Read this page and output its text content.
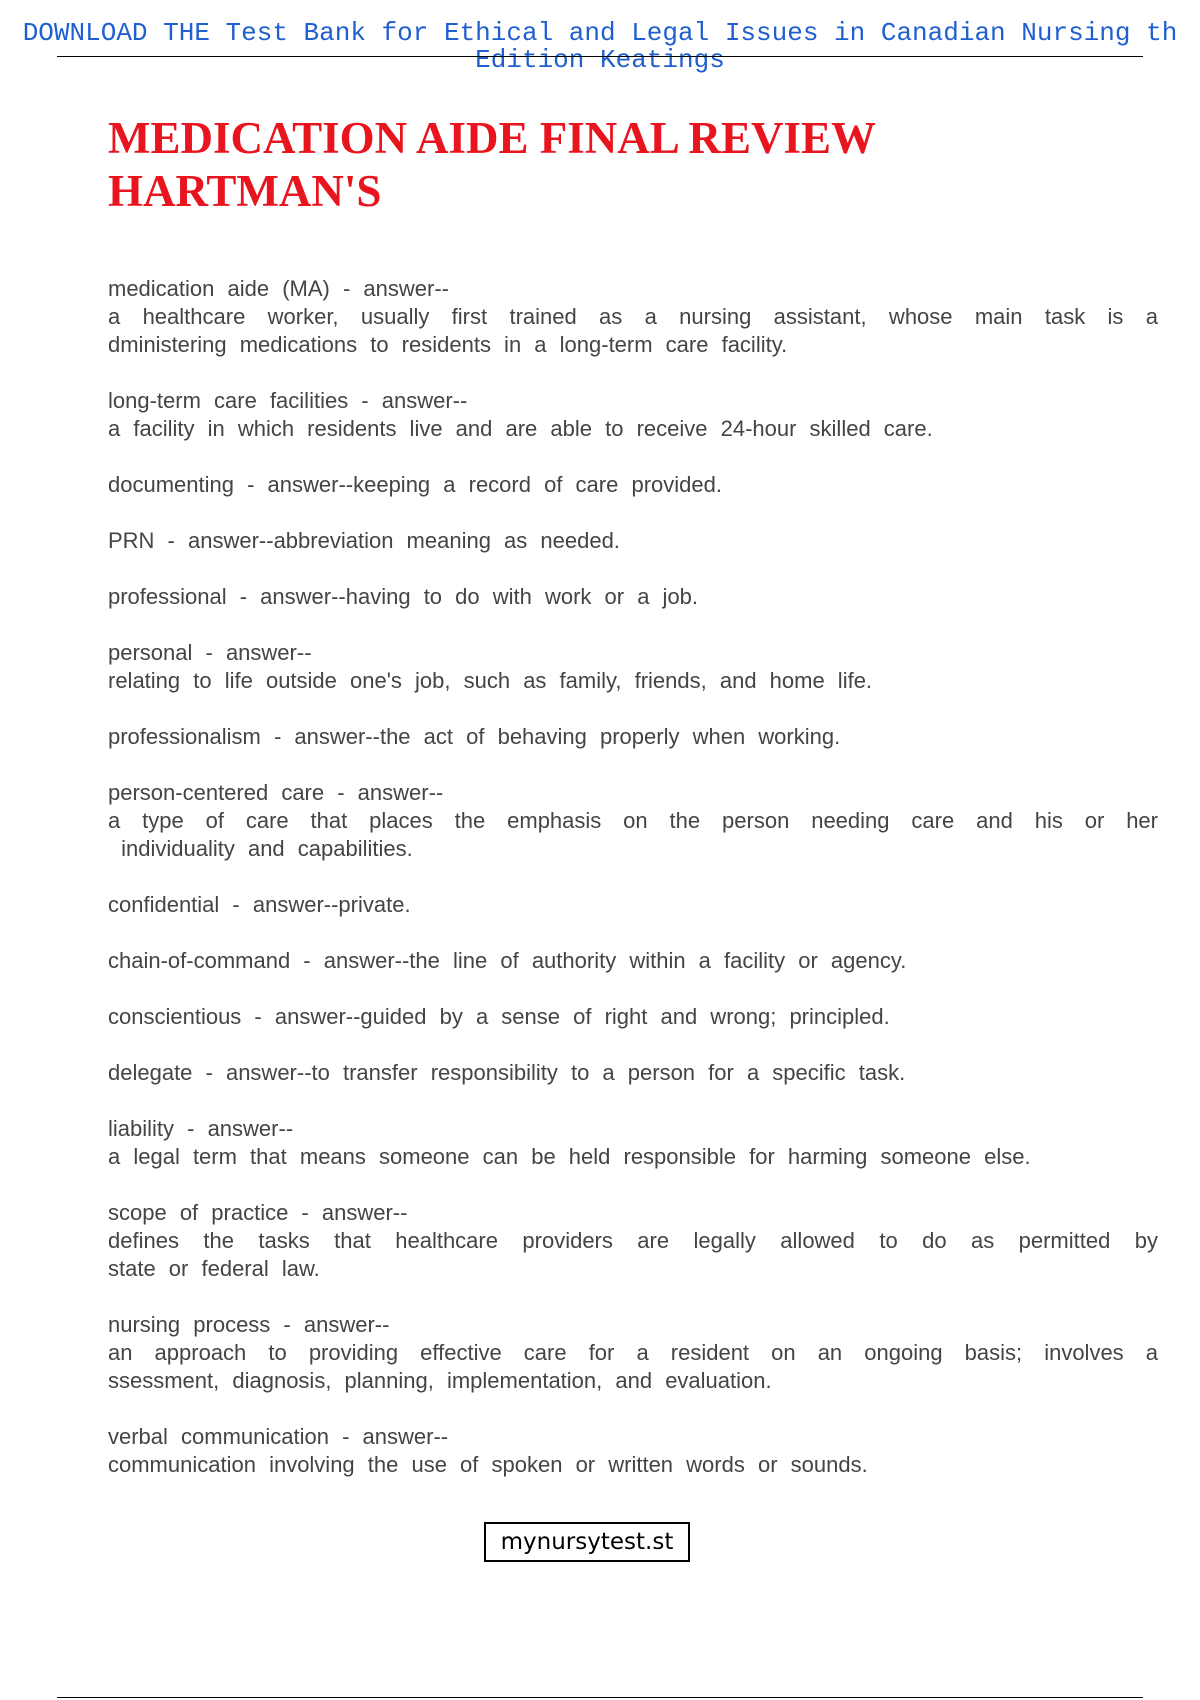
DOWNLOAD THE Test Bank for Ethical and Legal Issues in Canadian Nursing th Edition Keatings
MEDICATION AIDE FINAL REVIEW
HARTMAN'S
medication aide (MA) - answer--
a healthcare worker, usually first trained as a nursing assistant, whose main task is a
dministering medications to residents in a long-term care facility.
long-term care facilities - answer--
a facility in which residents live and are able to receive 24-hour skilled care.
documenting - answer--keeping a record of care provided.
PRN - answer--abbreviation meaning as needed.
professional - answer--having to do with work or a job.
personal - answer--
relating to life outside one's job, such as family, friends, and home life.
professionalism - answer--the act of behaving properly when working.
person-centered care - answer--
a type of care that places the emphasis on the person needing care and his or her
individuality and capabilities.
confidential - answer--private.
chain-of-command - answer--the line of authority within a facility or agency.
conscientious - answer--guided by a sense of right and wrong; principled.
delegate - answer--to transfer responsibility to a person for a specific task.
liability - answer--
a legal term that means someone can be held responsible for harming someone else.
scope of practice - answer--
defines the tasks that healthcare providers are legally allowed to do as permitted by
state or federal law.
nursing process - answer--
an approach to providing effective care for a resident on an ongoing basis; involves a
ssessment, diagnosis, planning, implementation, and evaluation.
verbal communication - answer--
communication involving the use of spoken or written words or sounds.
mynursytest.st
